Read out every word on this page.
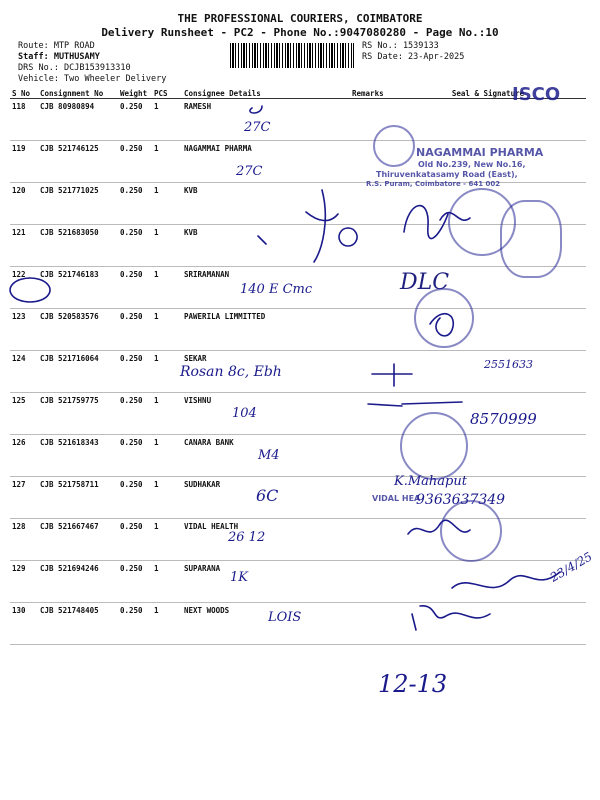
THE PROFESSIONAL COURIERS, COIMBATORE
Delivery Runsheet - PC2 - Phone No.:9047080280 - Page No.:10
Route: MTP ROAD
Staff: MUTHUSAMY
DRS No.: DCJB153913310
Vehicle: Two Wheeler Delivery
RS No.: 1539133
RS Date: 23-Apr-2025
S No	Consignment No	Weight	PCS	Consignee Details	Remarks	Seal & Signature
118	CJB 80980894	0.250	1	RAMESH		
119	CJB 521746125	0.250	1	NAGAMMAI PHARMA		
120	CJB 521771025	0.250	1	KVB		
121	CJB 521683050	0.250	1	KVB		
122	CJB 521746183	0.250	1	SRIRAMANAN		
123	CJB 520583576	0.250	1	PAWERILA LIMMITTED		
124	CJB 521716064	0.250	1	SEKAR		
125	CJB 521759775	0.250	1	VISHNU		
126	CJB 521618343	0.250	1	CANARA BANK		
127	CJB 521758711	0.250	1	SUDHAKAR		
128	CJB 521667467	0.250	1	VIDAL HEALTH		
129	CJB 521694246	0.250	1	SUPARANA		
130	CJB 521748405	0.250	1	NEXT WOODS		
27C
27C
140 E Cmc	DLC
Rosan 8c, Ebh	2551633
104	8570999
M4
6C
K.Mahaput
9363637349
26 12
1K	23/4/25
LOIS
12-13
ISCO
NAGAMMAI PHARMA
Old No.239, New No.16,
Thiruvenkatasamy Road (East),
R.S. Puram, Coimbatore - 641 002
VIDAL HEA
